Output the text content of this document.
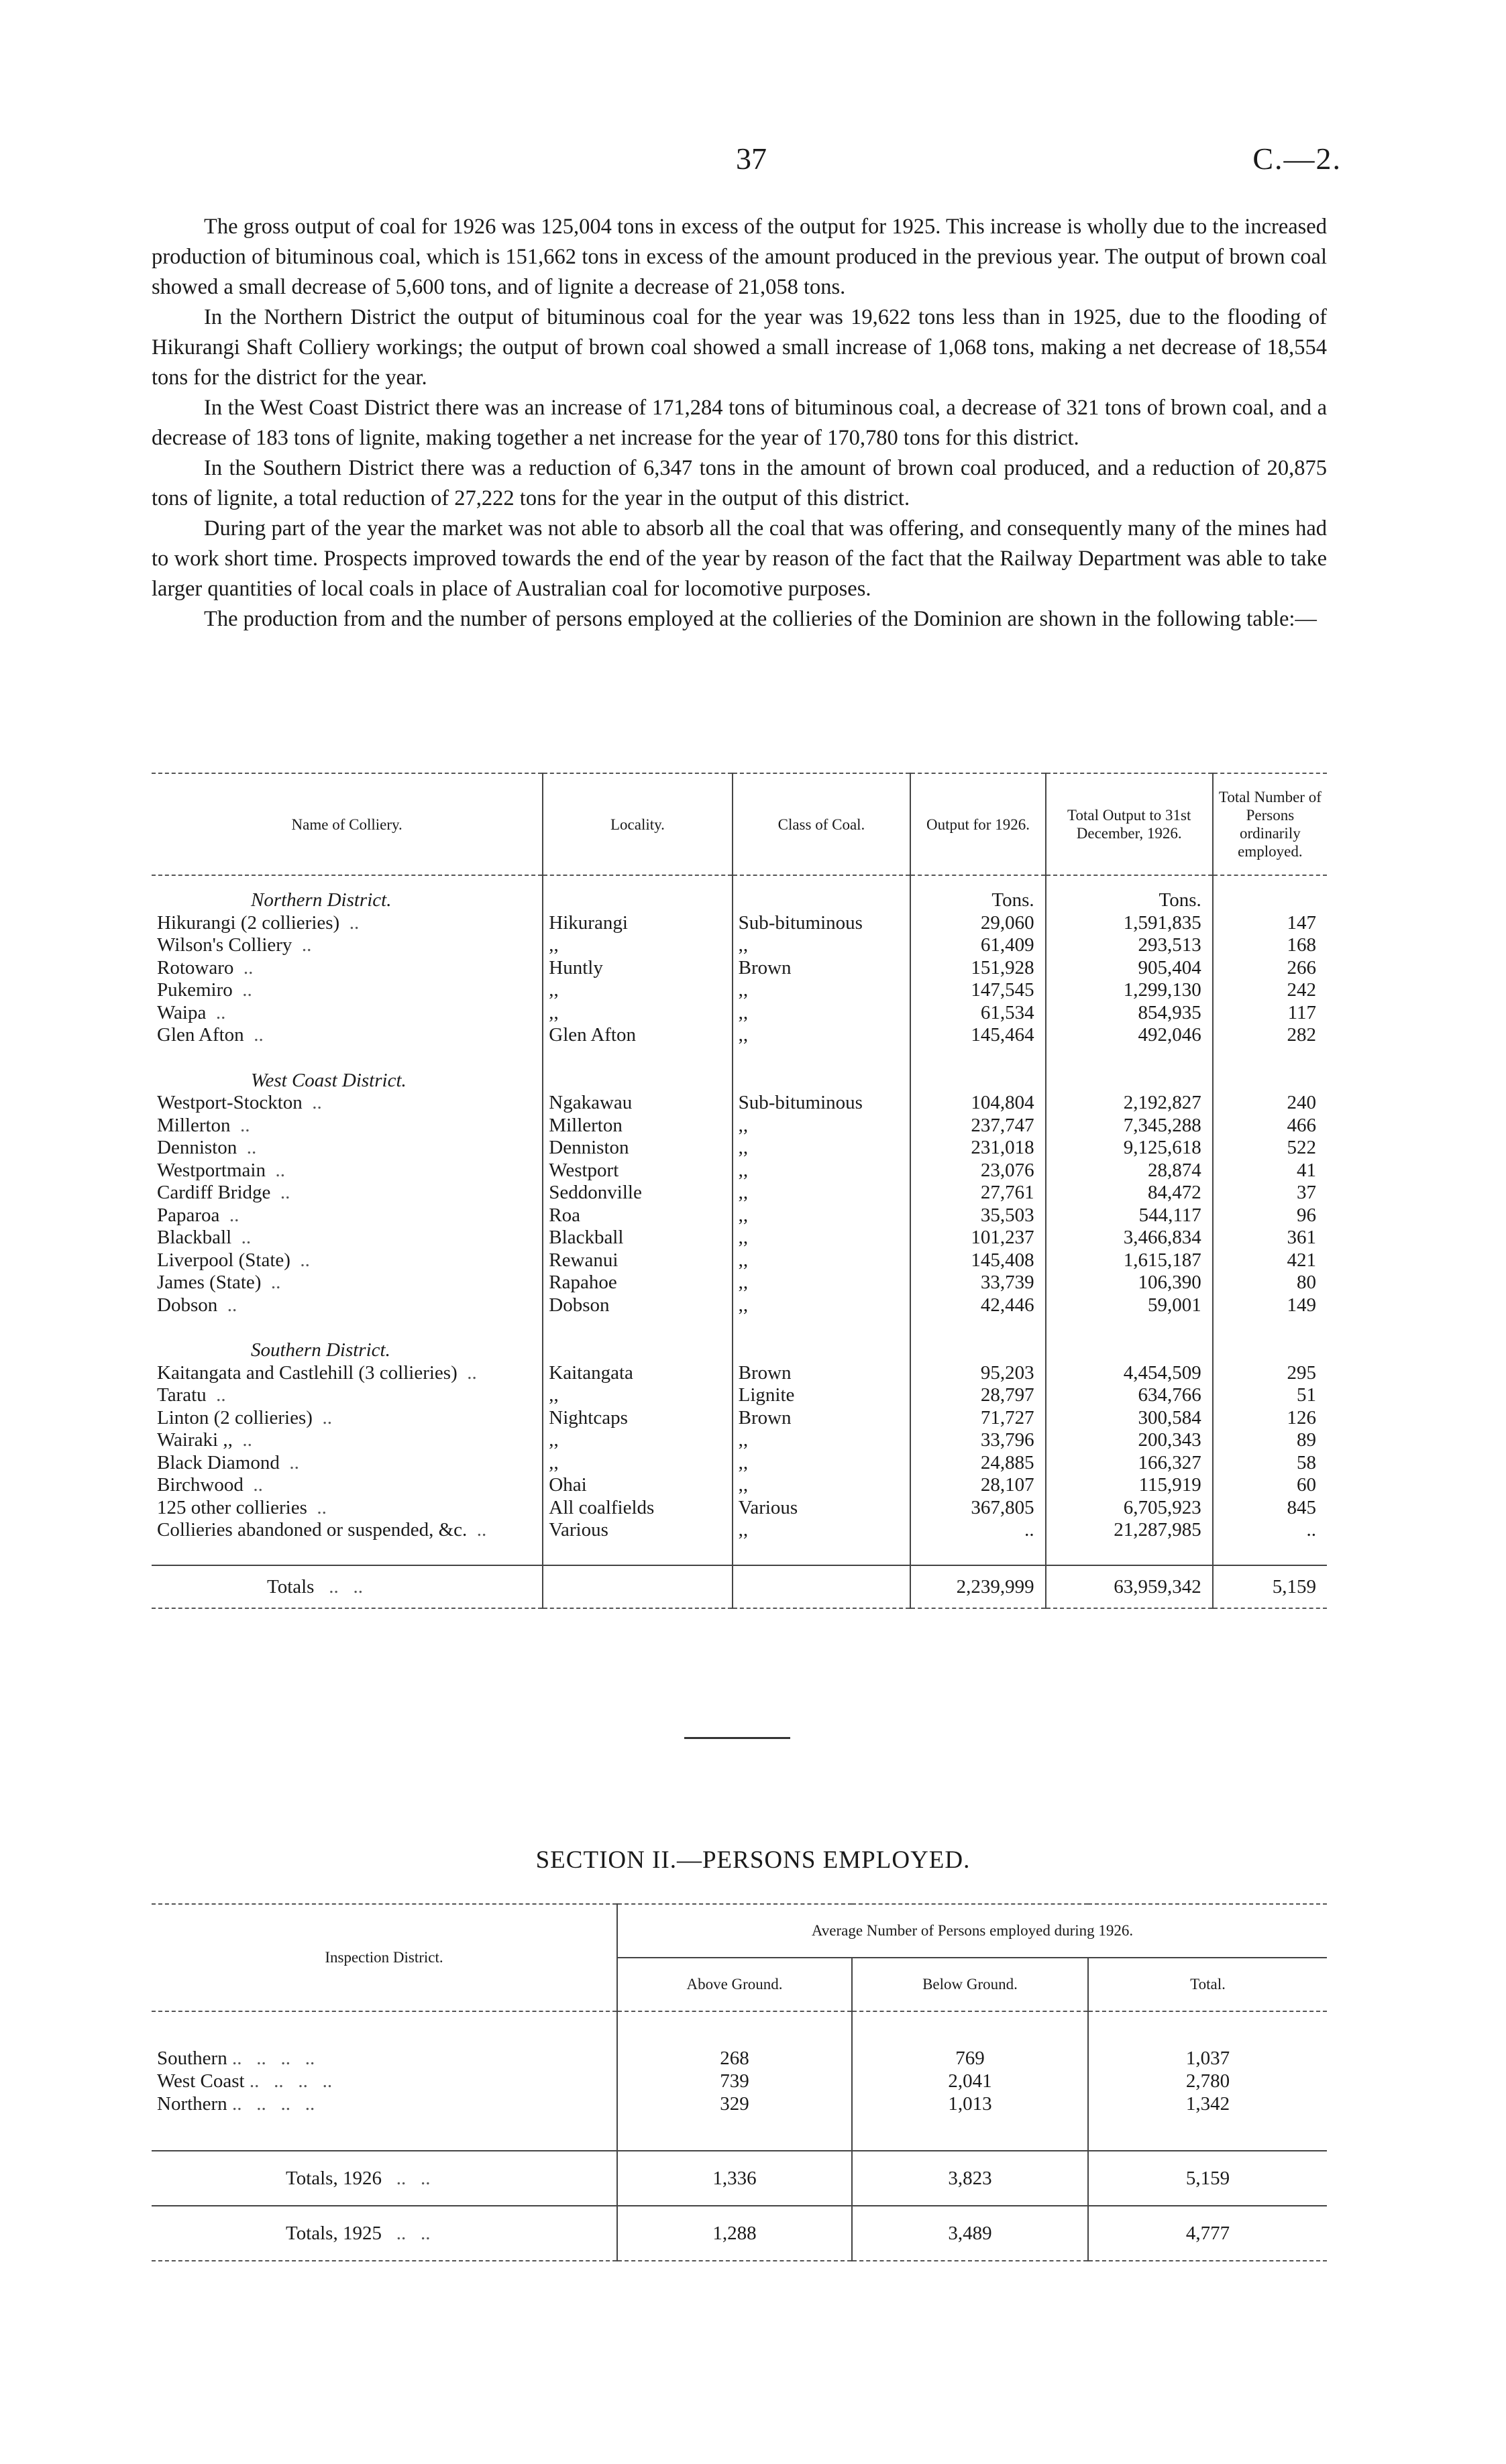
37	C.—2.

The gross output of coal for 1926 was 125,004 tons in excess of the output for 1925. This increase is wholly due to the increased production of bituminous coal, which is 151,662 tons in excess of the amount produced in the previous year. The output of brown coal showed a small decrease of 5,600 tons, and of lignite a decrease of 21,058 tons.

In the Northern District the output of bituminous coal for the year was 19,622 tons less than in 1925, due to the flooding of Hikurangi Shaft Colliery workings; the output of brown coal showed a small increase of 1,068 tons, making a net decrease of 18,554 tons for the district for the year.

In the West Coast District there was an increase of 171,284 tons of bituminous coal, a decrease of 321 tons of brown coal, and a decrease of 183 tons of lignite, making together a net increase for the year of 170,780 tons for this district.

In the Southern District there was a reduction of 6,347 tons in the amount of brown coal produced, and a reduction of 20,875 tons of lignite, a total reduction of 27,222 tons for the year in the output of this district.

During part of the year the market was not able to absorb all the coal that was offering, and consequently many of the mines had to work short time. Prospects improved towards the end of the year by reason of the fact that the Railway Department was able to take larger quantities of local coals in place of Australian coal for locomotive purposes.

The production from and the number of persons employed at the collieries of the Dominion are shown in the following table:—

Name of Colliery.	Locality.	Class of Coal.	Output for 1926.	Total Output to 31st December, 1926.	Total Number of Persons ordinarily employed.

Northern District.			Tons.	Tons.	
Hikurangi (2 collieries)  ..	Hikurangi	Sub-bituminous	29,060	1,591,835	147
Wilson's Colliery  ..	,,	,,	61,409	293,513	168
Rotowaro  ..	Huntly	Brown	151,928	905,404	266
Pukemiro  ..	,,	,,	147,545	1,299,130	242
Waipa  ..	,,	,,	61,534	854,935	117
Glen Afton  ..	Glen Afton	,,	145,464	492,046	282

West Coast District.					
Westport-Stockton  ..	Ngakawau	Sub-bituminous	104,804	2,192,827	240
Millerton  ..	Millerton	,,	237,747	7,345,288	466
Denniston  ..	Denniston	,,	231,018	9,125,618	522
Westportmain  ..	Westport	,,	23,076	28,874	41
Cardiff Bridge  ..	Seddonville	,,	27,761	84,472	37
Paparoa  ..	Roa	,,	35,503	544,117	96
Blackball  ..	Blackball	,,	101,237	3,466,834	361
Liverpool (State)  ..	Rewanui	,,	145,408	1,615,187	421
James (State)  ..	Rapahoe	,,	33,739	106,390	80
Dobson  ..	Dobson	,,	42,446	59,001	149

Southern District.					
Kaitangata and Castlehill (3 collieries)  ..	Kaitangata	Brown	95,203	4,454,509	295
Taratu  ..	,,	Lignite	28,797	634,766	51
Linton (2 collieries)  ..	Nightcaps	Brown	71,727	300,584	126
Wairaki ,,  ..	,,	,,	33,796	200,343	89
Black Diamond  ..	,,	,,	24,885	166,327	58
Birchwood  ..	Ohai	,,	28,107	115,919	60
125 other collieries  ..	All coalfields	Various	367,805	6,705,923	845
Collieries abandoned or suspended, &c.  ..	Various	,,	..	21,287,985	..

Totals   ..   ..			2,239,999	63,959,342	5,159
SECTION II.—PERSONS EMPLOYED.
Inspection District.	Average Number of Persons employed during 1926.		
	Above Ground.	Below Ground.	Total.

Southern ..   ..   ..   ..	268	769	1,037
West Coast ..   ..   ..   ..	739	2,041	2,780
Northern ..   ..   ..   ..	329	1,013	1,342

Totals, 1926   ..   ..	1,336	3,823	5,159
Totals, 1925   ..   ..	1,288	3,489	4,777
